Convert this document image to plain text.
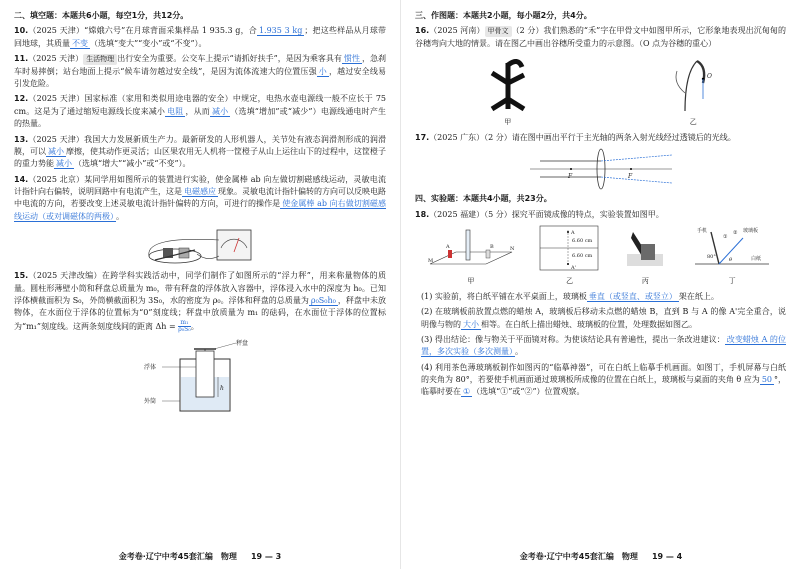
二、填空题：本题共6小题，每空1分，共12分。
10.（2025 天津）“嫦娥六号”在月球背面采集样品 1 935.3 g，合 1.935 3 kg ；把这些样品从月球带回地球，其质量 不变 （选填“变大”“变小”或“不变”）。
11.（2025 天津） 生活物理 出行安全为重要。公交车上提示“请抓好扶手”，是因为乘客具有 惯性 ，急刹车时易摔倒；站台地面上提示“候车请勿越过安全线”，是因为流体流速大的位置压强 小 ，越过安全线易引发危险。
12.（2025 天津）国家标准（家用和类似用途电器的安全）中规定，电热水壶电源线一般不应长于 75 cm。这是为了通过缩短电源线长度来减小 电阻 ，从而 减小 （选填“增加”或“减少”）电源线通电时产生的热量。
13.（2025 天津）我国大力发展新质生产力。最新研发的人形机器人，关节处有液态润滑剂形成的润滑膜，可以 减小 摩擦，使其动作更灵活；山区果农用无人机将一筐橙子从山上运往山下的过程中，这筐橙子的重力势能 减小 （选填“增大”“减小”或“不变”）。
14.（2025 北京）某同学用如图所示的装置进行实验，使金属棒 ab 向左做切割磁感线运动，灵敏电流计指针向右偏转，说明回路中有电流产生，这是 电磁感应 现象。灵敏电流计指针偏转的方向可以反映电路中电流的方向，若要改变上述灵敏电流计指针偏转的方向，可进行的操作是 使金属棒 ab 向右做切割磁感线运动（或对调磁体的两极） 。
15.（2025 天津改编）在跨学科实践活动中，同学们制作了如图所示的“浮力秤”，用来称量物体的质量。圆柱形薄壁小筒和秤盘总质量为 m₀，带有秤盘的浮体放入容器中，浮体浸入水中的深度为 h₀。已知浮体横截面积为 S₀，外筒横截面积为 3S₀，水的密度为 ρ₀。浮体和秤盘的总质量为 ρ₀S₀h₀ ，秤盘中未放物体，在水面位于浮体的位置标为“0”刻度线；秤盘中放质量为 m₁ 的砝码，在水面位于浮体的位置标为“m₁”刻度线。这两条刻度线间的距离 $\Delta h = \frac{\text{m₁}}{\text{ρ₀S₀}}$ 。
秤盘
浮体
外筒
h
金考卷·辽宁中考45套汇编　物理 19 — 3
三、作图题：本题共2小题，每小题2分，共4分。
16.（2025 河南） 甲骨文 （2 分）我们熟悉的“禾”字在甲骨文中如图甲所示，它形象地表现出沉甸甸的谷穗弯向大地的情景。请在图乙中画出谷穗所受重力的示意图。（O 点为谷穗的重心）
甲
O
乙
17.（2025 广东）（2 分）请在图中画出平行于主光轴的两条入射光线经过透镜后的光线。
F	F
四、实验题：本题共4小题，共23分。
18.（2025 福建）（5 分）探究平面镜成像的特点，实验装置如图甲。
A	B
M
N
甲
A
A'
6.60 cm
6.60 cm
乙	丙
手机	玻璃板
白纸
①
②
80°	θ
丁
(1) 实验前，将白纸平铺在水平桌面上，玻璃板 垂直（或竖直、或竖立） 架在纸上。
(2) 在玻璃板前放置点燃的蜡烛 A，玻璃板后移动未点燃的蜡烛 B，直到 B 与 A 的像 A'完全重合，说明像与物的 大小 相等。在白纸上描出蜡烛、玻璃板的位置，处理数据如图乙。
(3) 得出结论：像与物关于平面镜对称。为使该结论具有普遍性，提出一条改进建议： 改变蜡烛 A 的位置，多次实验（多次测量） 。
(4) 利用茶色薄玻璃板制作如图丙的“临摹神器”，可在白纸上临摹手机画面。如图丁，手机屏幕与白纸的夹角为 80°，若要使手机画面通过玻璃板所成像的位置在白纸上，玻璃板与桌面的夹角 θ 应为 50 °，临摹时要在 ① （选填“①”或“②”）位置观察。
金考卷·辽宁中考45套汇编　物理 19 — 4
